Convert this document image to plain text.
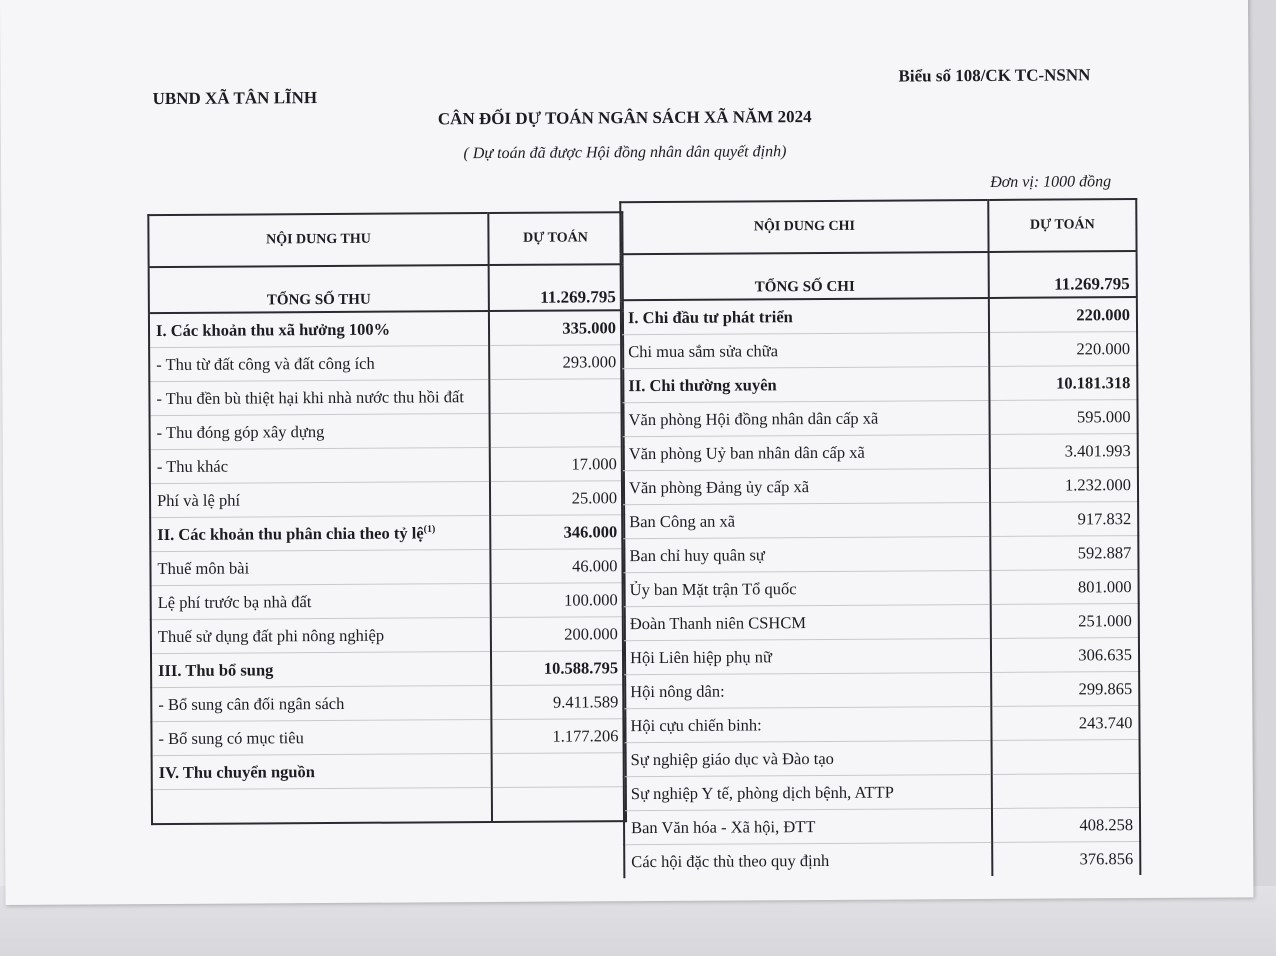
UBND XÃ TÂN LĨNH
Biểu số 108/CK TC-NSNN
CÂN ĐỐI DỰ TOÁN NGÂN SÁCH XÃ NĂM 2024
( Dự toán đã được Hội đồng nhân dân quyết định)
Đơn vị: 1000 đồng
NỘI DUNG THU	DỰ TOÁN
TỔNG SỐ THU	11.269.795
I. Các khoản thu xã hưởng 100%	335.000
- Thu từ đất công và đất công ích	293.000
- Thu đền bù thiệt hại khi nhà nước thu hồi đất	
- Thu đóng góp xây dựng	
- Thu khác	17.000
Phí và lệ phí	25.000
II. Các khoản thu phân chia theo tỷ lệ$^{(1)}$	346.000
Thuế môn bài	46.000
Lệ phí trước bạ nhà đất	100.000
Thuế sử dụng đất phi nông nghiệp	200.000
III. Thu bổ sung	10.588.795
- Bổ sung cân đối ngân sách	9.411.589
- Bổ sung có mục tiêu	1.177.206
IV. Thu chuyển nguồn	

NỘI DUNG CHI	DỰ TOÁN
TỔNG SỐ CHI	11.269.795
I. Chi đầu tư phát triển	220.000
Chi mua sắm sửa chữa	220.000
II. Chi thường xuyên	10.181.318
Văn phòng Hội đồng nhân dân cấp xã	595.000
Văn phòng Uỷ ban nhân dân cấp xã	3.401.993
Văn phòng Đảng ủy cấp xã	1.232.000
Ban Công an xã	917.832
Ban chỉ huy quân sự	592.887
Ủy ban Mặt trận Tổ quốc	801.000
Đoàn Thanh niên CSHCM	251.000
Hội Liên hiệp phụ nữ	306.635
Hội nông dân:	299.865
Hội cựu chiến binh:	243.740
Sự nghiệp giáo dục và Đào tạo	
Sự nghiệp Y tế, phòng dịch bệnh, ATTP	
Ban Văn hóa - Xã hội, ĐTT	408.258
Các hội đặc thù theo quy định	376.856
